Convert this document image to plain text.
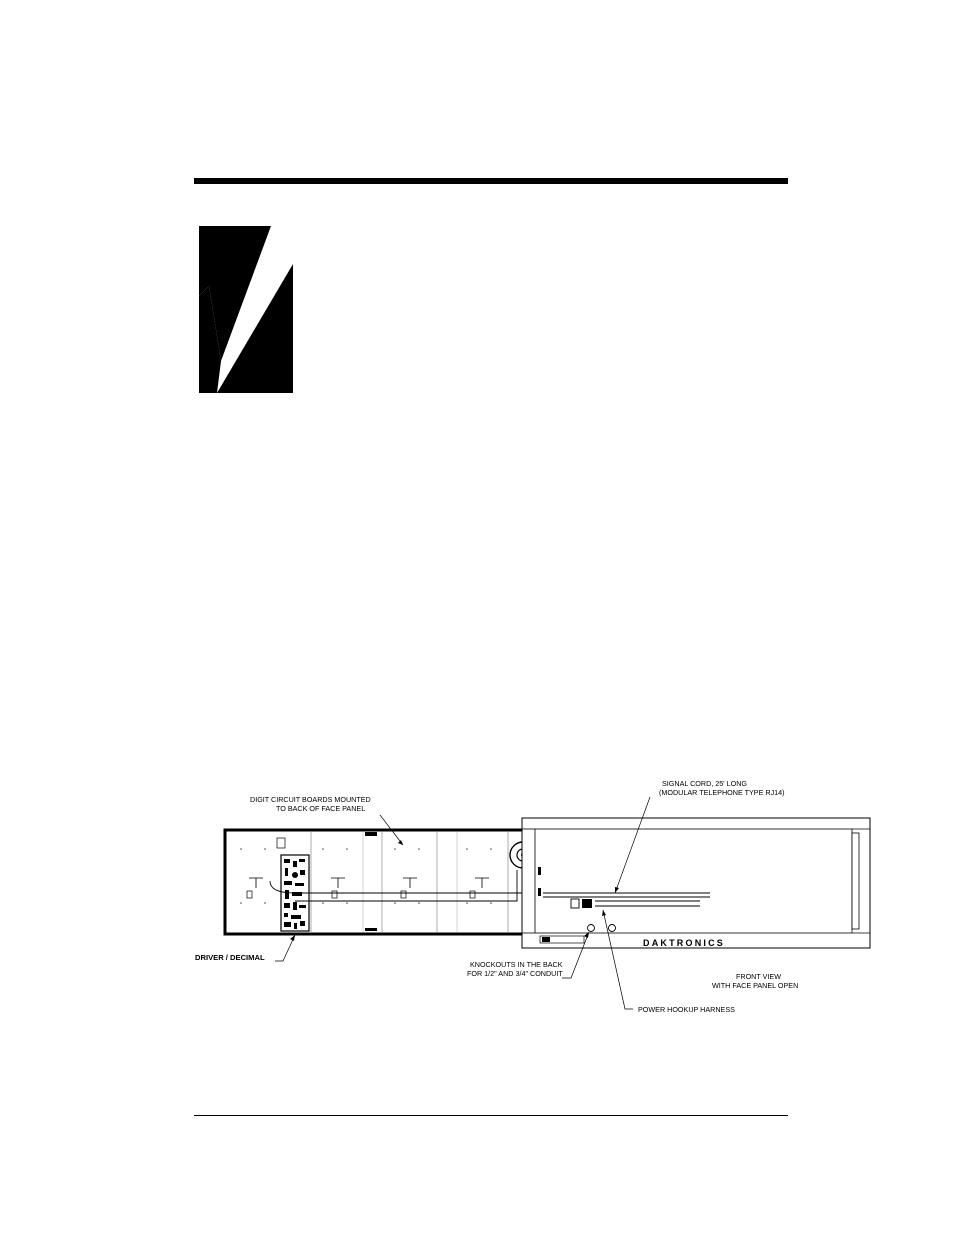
DAKTRONICS
DIGIT CIRCUIT BOARDS MOUNTED
TO BACK OF FACE PANEL
SIGNAL CORD, 25' LONG
(MODULAR TELEPHONE TYPE RJ14)
DRIVER / DECIMAL
KNOCKOUTS IN THE BACK
FOR 1/2" AND 3/4" CONDUIT	FRONT VIEW
WITH FACE PANEL OPEN
POWER HOOKUP HARNESS
